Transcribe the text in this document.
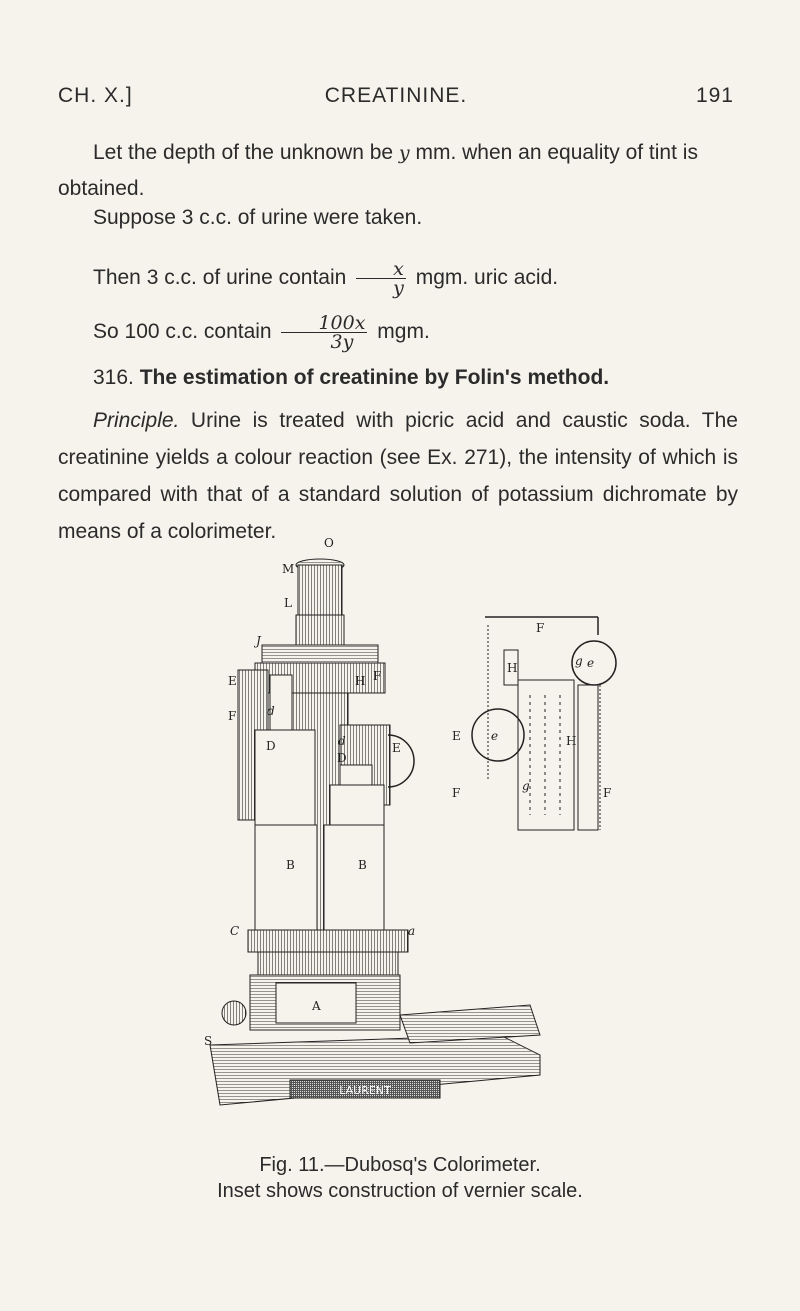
CH. X.]	CREATININE.	191

Let the depth of the unknown be y mm. when an equality of tint is obtained.

Suppose 3 c.c. of urine were taken.

Then 3 c.c. of urine contain $\frac{x}{y}$ mgm. uric acid.

So 100 c.c. contain $\frac{100x}{3y}$ mgm.

316. The estimation of creatinine by Folin's method.

Principle. Urine is treated with picric acid and caustic soda. The creatinine yields a colour reaction (see Ex. 271), the intensity of which is compared with that of a standard solution of potassium dichromate by means of a colorimeter.

LAURENT
O
M
L
J
E
F	d
D
F
H
d
D
E
B	B
C	a
A
S
F
H
E	e
e
H
F	F
g
g
Fig. 11.—Dubosq's Colorimeter.
Inset shows construction of vernier scale.
